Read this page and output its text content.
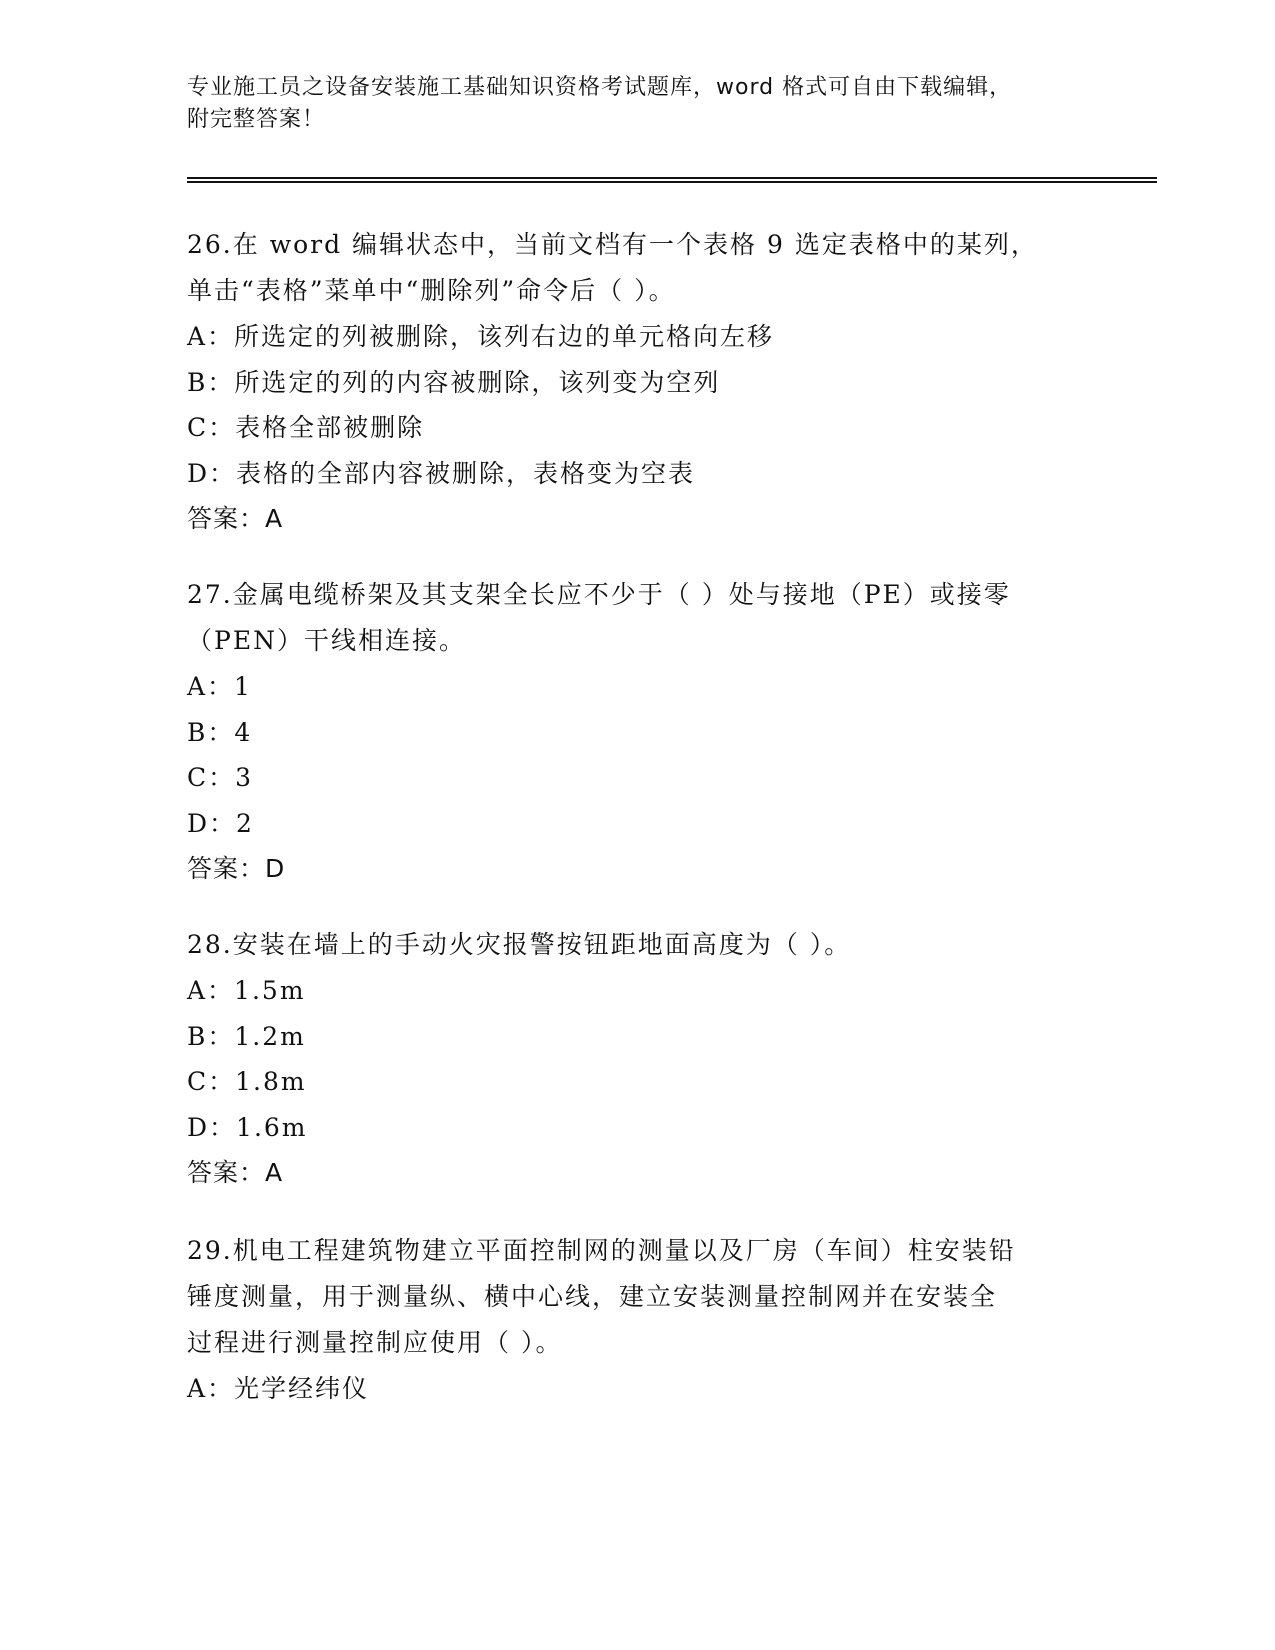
专业施工员之设备安装施工基础知识资格考试题库，word 格式可自由下载编辑，
附完整答案！

26.在 word 编辑状态中，当前文档有一个表格 9 选定表格中的某列，

单击“表格”菜单中“删除列”命令后（ ）。

A：所选定的列被删除，该列右边的单元格向左移

B：所选定的列的内容被删除，该列变为空列

C：表格全部被删除

D：表格的全部内容被删除，表格变为空表

答案：A

27.金属电缆桥架及其支架全长应不少于（ ）处与接地（PE）或接零

（PEN）干线相连接。

A：1

B：4

C：3

D：2

答案：D

28.安装在墙上的手动火灾报警按钮距地面高度为（ ）。

A：1.5m

B：1.2m

C：1.8m

D：1.6m

答案：A

29.机电工程建筑物建立平面控制网的测量以及厂房（车间）柱安装铅

锤度测量，用于测量纵、横中心线，建立安装测量控制网并在安装全

过程进行测量控制应使用（ ）。

A：光学经纬仪
